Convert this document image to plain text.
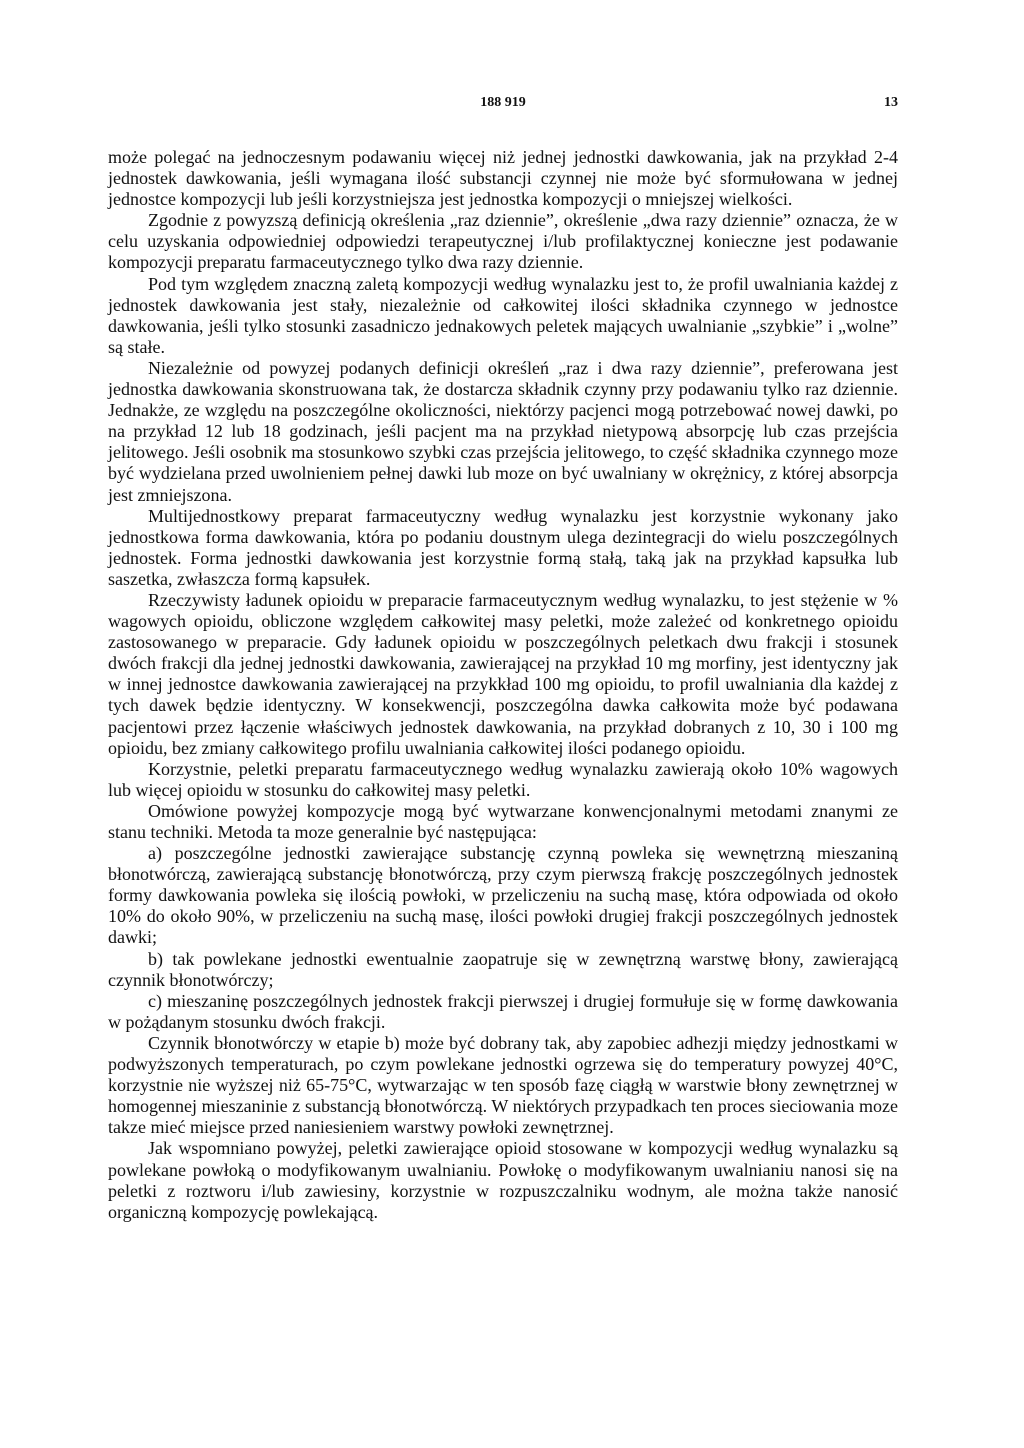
188 919	13

może polegać na jednoczesnym podawaniu więcej niż jednej jednostki dawkowania, jak na przykład 2-4 jednostek dawkowania, jeśli wymagana ilość substancji czynnej nie może być sformułowana w jednej jednostce kompozycji lub jeśli korzystniejsza jest jednostka kompozycji o mniejszej wielkości.

Zgodnie z powyzszą definicją określenia „raz dziennie”, określenie „dwa razy dziennie” oznacza, że w celu uzyskania odpowiedniej odpowiedzi terapeutycznej i/lub profilaktycznej konieczne jest podawanie kompozycji preparatu farmaceutycznego tylko dwa razy dziennie.

Pod tym względem znaczną zaletą kompozycji według wynalazku jest to, że profil uwalniania każdej z jednostek dawkowania jest stały, niezależnie od całkowitej ilości składnika czynnego w jednostce dawkowania, jeśli tylko stosunki zasadniczo jednakowych peletek mających uwalnianie „szybkie” i „wolne” są stałe.

Niezależnie od powyzej podanych definicji określeń „raz i dwa razy dziennie”, preferowana jest jednostka dawkowania skonstruowana tak, że dostarcza składnik czynny przy podawaniu tylko raz dziennie. Jednakże, ze względu na poszczególne okoliczności, niektórzy pacjenci mogą potrzebować nowej dawki, po na przykład 12 lub 18 godzinach, jeśli pacjent ma na przykład nietypową absorpcję lub czas przejścia jelitowego. Jeśli osobnik ma stosunkowo szybki czas przejścia jelitowego, to część składnika czynnego moze być wydzielana przed uwolnieniem pełnej dawki lub moze on być uwalniany w okrężnicy, z której absorpcja jest zmniejszona.

Multijednostkowy preparat farmaceutyczny według wynalazku jest korzystnie wykonany jako jednostkowa forma dawkowania, która po podaniu doustnym ulega dezintegracji do wielu poszczególnych jednostek. Forma jednostki dawkowania jest korzystnie formą stałą, taką jak na przykład kapsułka lub saszetka, zwłaszcza formą kapsułek.

Rzeczywisty ładunek opioidu w preparacie farmaceutycznym według wynalazku, to jest stężenie w % wagowych opioidu, obliczone względem całkowitej masy peletki, może zależeć od konkretnego opioidu zastosowanego w preparacie. Gdy ładunek opioidu w poszczególnych peletkach dwu frakcji i stosunek dwóch frakcji dla jednej jednostki dawkowania, zawierającej na przykład 10 mg morfiny, jest identyczny jak w innej jednostce dawkowania zawierającej na przykkład 100 mg opioidu, to profil uwalniania dla każdej z tych dawek będzie identyczny. W konsekwencji, poszczególna dawka całkowita może być podawana pacjentowi przez łączenie właściwych jednostek dawkowania, na przykład dobranych z 10, 30 i 100 mg opioidu, bez zmiany całkowitego profilu uwalniania całkowitej ilości podanego opioidu.

Korzystnie, peletki preparatu farmaceutycznego według wynalazku zawierają około 10% wagowych lub więcej opioidu w stosunku do całkowitej masy peletki.

Omówione powyżej kompozycje mogą być wytwarzane konwencjonalnymi metodami znanymi ze stanu techniki. Metoda ta moze generalnie być następująca:

a) poszczególne jednostki zawierające substancję czynną powleka się wewnętrzną mieszaniną błonotwórczą, zawierającą substancję błonotwórczą, przy czym pierwszą frakcję poszczególnych jednostek formy dawkowania powleka się ilością powłoki, w przeliczeniu na suchą masę, która odpowiada od około 10% do około 90%, w przeliczeniu na suchą masę, ilości powłoki drugiej frakcji poszczególnych jednostek dawki;

b) tak powlekane jednostki ewentualnie zaopatruje się w zewnętrzną warstwę błony, zawierającą czynnik błonotwórczy;

c) mieszaninę poszczególnych jednostek frakcji pierwszej i drugiej formułuje się w formę dawkowania w pożądanym stosunku dwóch frakcji.

Czynnik błonotwórczy w etapie b) może być dobrany tak, aby zapobiec adhezji między jednostkami w podwyższonych temperaturach, po czym powlekane jednostki ogrzewa się do temperatury powyzej 40°C, korzystnie nie wyższej niż 65-75°C, wytwarzając w ten sposób fazę ciągłą w warstwie błony zewnętrznej w homogennej mieszaninie z substancją błonotwórczą. W niektórych przypadkach ten proces sieciowania moze takze mieć miejsce przed naniesieniem warstwy powłoki zewnętrznej.

Jak wspomniano powyżej, peletki zawierające opioid stosowane w kompozycji według wynalazku są powlekane powłoką o modyfikowanym uwalnianiu. Powłokę o modyfikowanym uwalnianiu nanosi się na peletki z roztworu i/lub zawiesiny, korzystnie w rozpuszczalniku wodnym, ale można także nanosić organiczną kompozycję powlekającą.
